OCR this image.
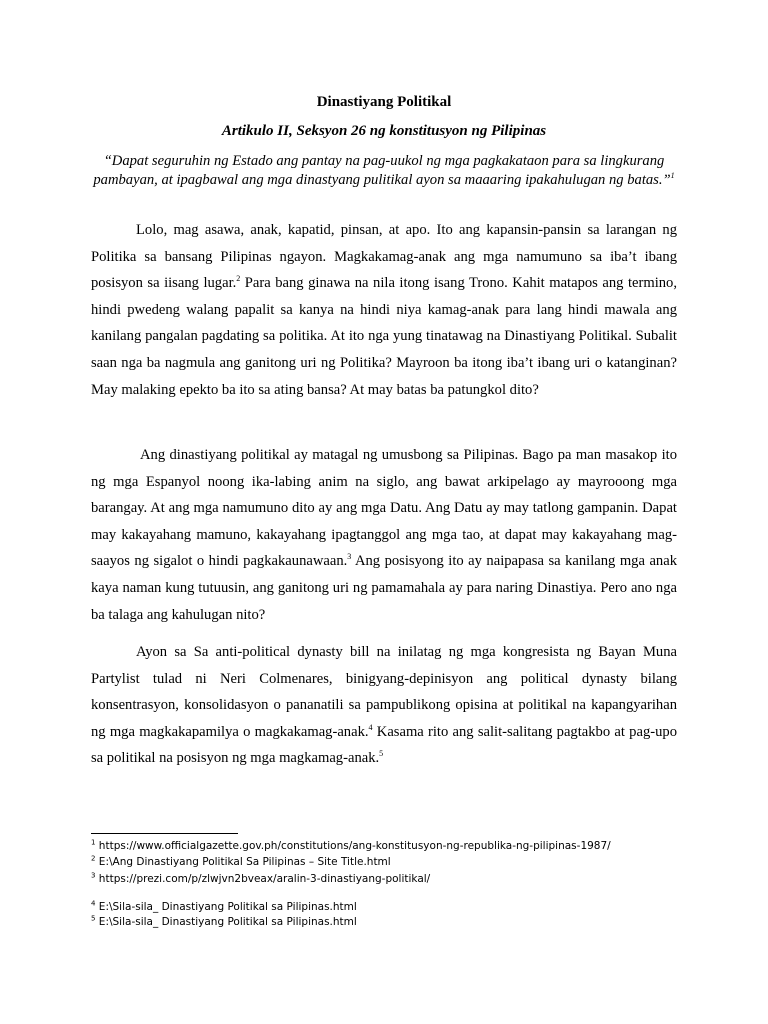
Dinastiyang Politikal
Artikulo II, Seksyon 26 ng konstitusyon ng Pilipinas
“Dapat seguruhin ng Estado ang pantay na pag-uukol ng mga pagkakataon para sa lingkurang pambayan, at ipagbawal ang mga dinastyang pulitikal ayon sa maaaring ipakahulugan ng batas.”$^1$

Lolo, mag asawa, anak, kapatid, pinsan, at apo. Ito ang kapansin-pansin sa larangan ng Politika sa bansang Pilipinas ngayon. Magkakamag-anak ang mga namumuno sa iba’t ibang posisyon sa iisang lugar.$^2$ Para bang ginawa na nila itong isang Trono. Kahit matapos ang termino, hindi pwedeng walang papalit sa kanya na hindi niya kamag-anak para lang hindi mawala ang kanilang pangalan pagdating sa politika. At ito nga yung tinatawag na Dinastiyang Politikal. Subalit saan nga ba nagmula ang ganitong uri ng Politika? Mayroon ba itong iba’t ibang uri o katanginan? May malaking epekto ba ito sa ating bansa? At may batas ba patungkol dito?

Ang dinastiyang politikal ay matagal ng umusbong sa Pilipinas. Bago pa man masakop ito ng mga Espanyol noong ika-labing anim na siglo, ang bawat arkipelago ay mayrooong mga barangay. At ang mga namumuno dito ay ang mga Datu. Ang Datu ay may tatlong gampanin. Dapat may kakayahang mamuno, kakayahang ipagtanggol ang mga tao, at dapat may kakayahang mag-saayos ng sigalot o hindi pagkakaunawaan.$^3$ Ang posisyong ito ay naipapasa sa kanilang mga anak kaya naman kung tutuusin, ang ganitong uri ng pamamahala ay para naring Dinastiya. Pero ano nga ba talaga ang kahulugan nito?

Ayon sa Sa anti-political dynasty bill na inilatag ng mga kongresista ng Bayan Muna Partylist tulad ni Neri Colmenares, binigyang-depinisyon ang political dynasty bilang konsentrasyon, konsolidasyon o pananatili sa pampublikong opisina at politikal na kapangyarihan ng mga magkakapamilya o magkakamag-anak.$^4$ Kasama rito ang salit-salitang pagtakbo at pag-upo sa politikal na posisyon ng mga magkamag-anak.$^5$

$^1$ https://www.officialgazette.gov.ph/constitutions/ang-konstitusyon-ng-republika-ng-pilipinas-1987/
$^2$ E:\Ang Dinastiyang Politikal Sa Pilipinas – Site Title.html
$^3$ https://prezi.com/p/zlwjvn2bveax/aralin-3-dinastiyang-politikal/
$^4$ E:\Sila-sila_ Dinastiyang Politikal sa Pilipinas.html
$^5$ E:\Sila-sila_ Dinastiyang Politikal sa Pilipinas.html
